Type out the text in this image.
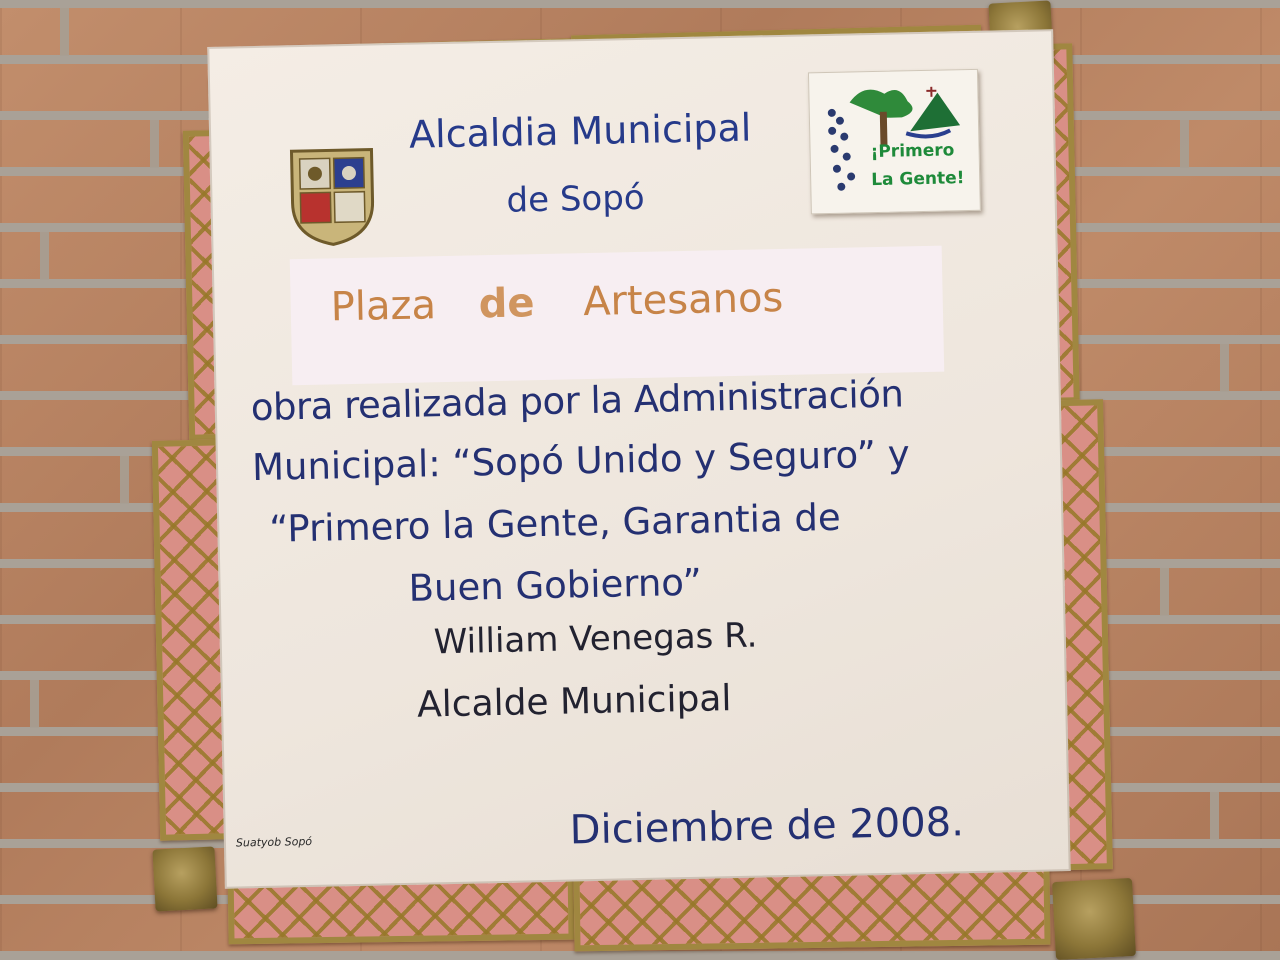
Alcaldia Municipal
de Sopó
¡Primero
La Gente!
Plaza de Artesanos
obra realizada por la Administración
Municipal: “Sopó Unido y Seguro” y
“Primero la Gente, Garantia de
Buen Gobierno”
William Venegas R.
Alcalde Municipal
Diciembre de 2008.
Suatyob Sopó
